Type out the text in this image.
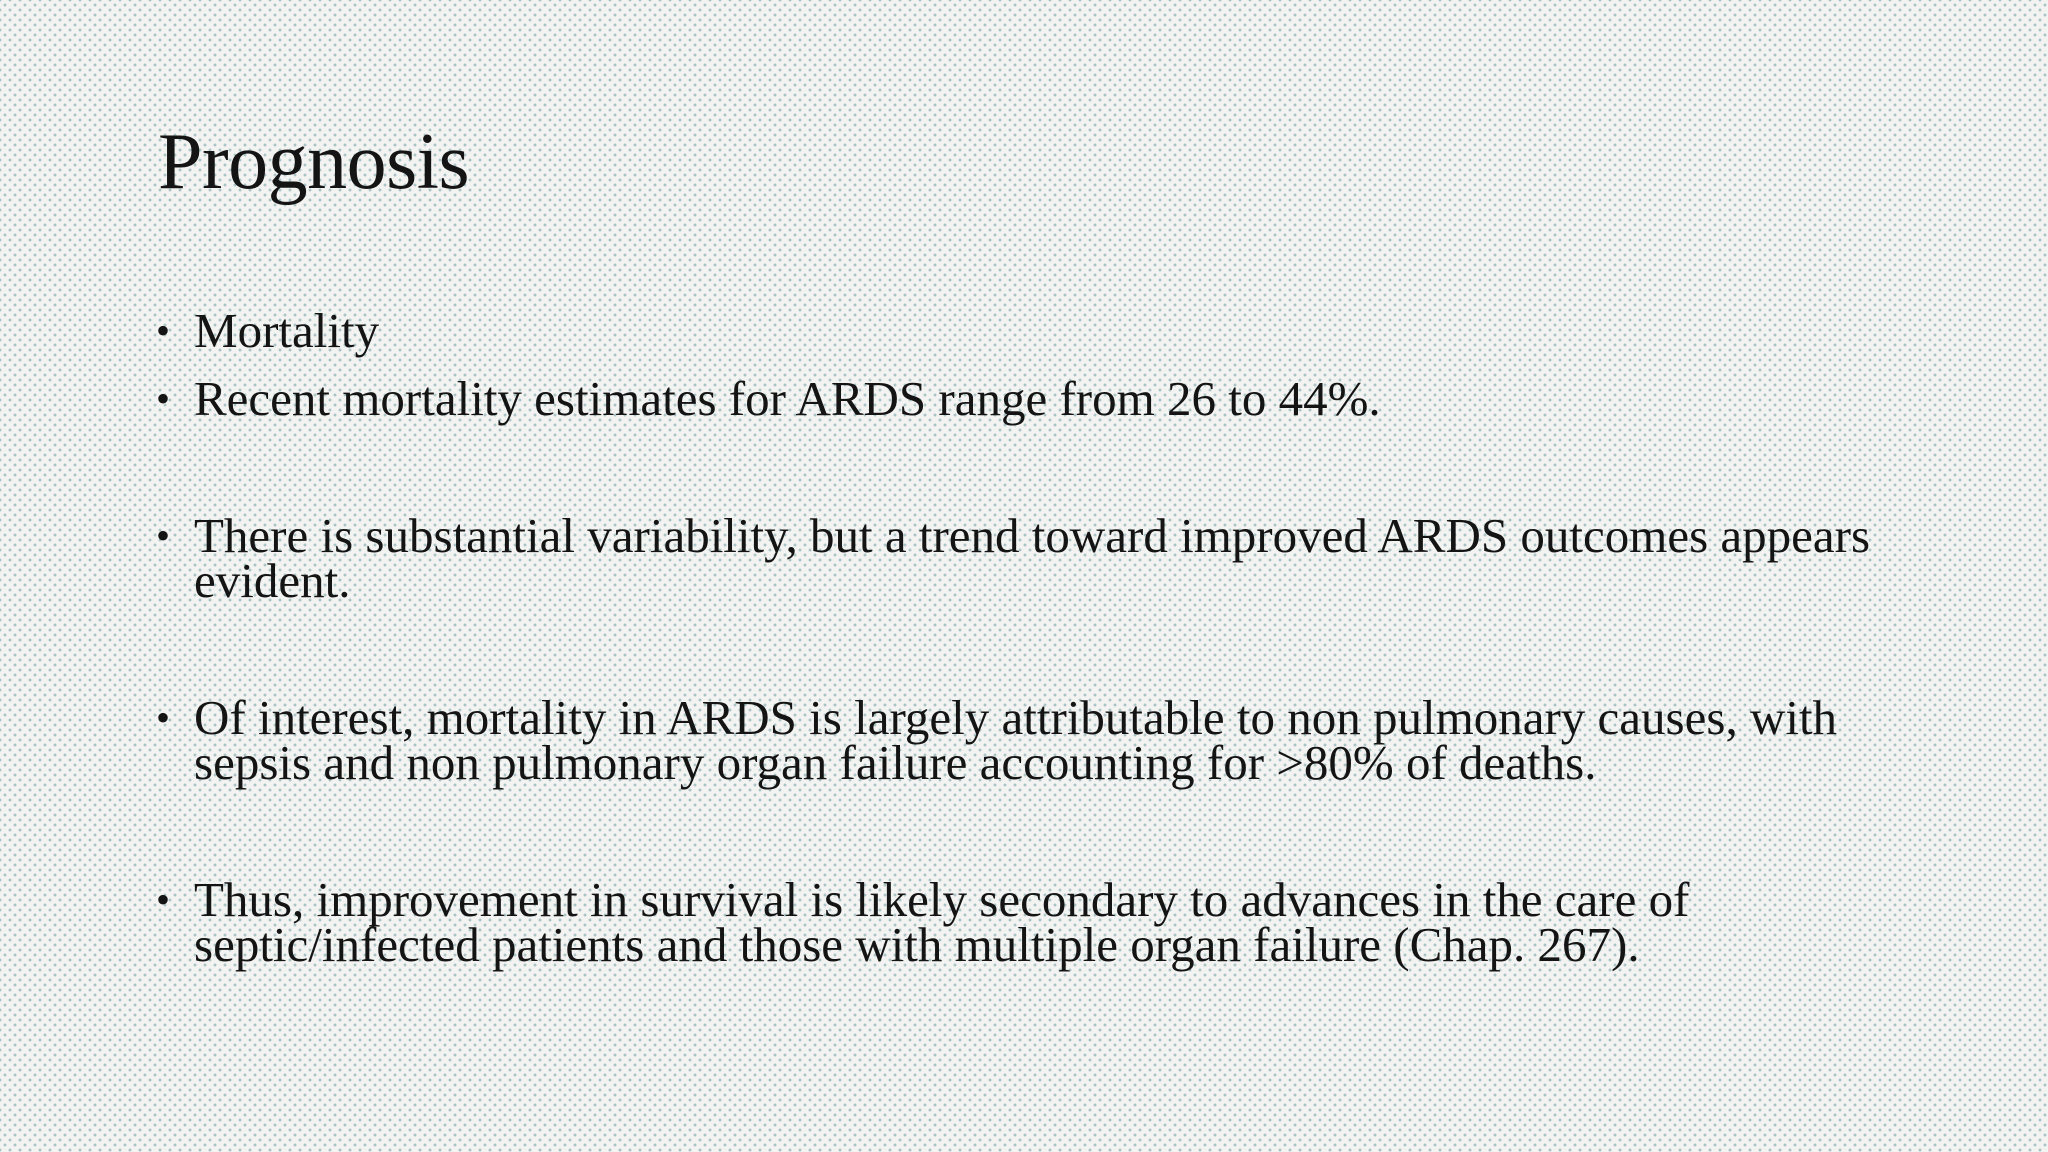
Prognosis
• Mortality
• Recent mortality estimates for ARDS range from 26 to 44%.
• There is substantial variability, but a trend toward improved ARDS outcomes appears evident.
• Of interest, mortality in ARDS is largely attributable to non pulmonary causes, with sepsis and non pulmonary organ failure accounting for >80% of deaths.
• Thus, improvement in survival is likely secondary to advances in the care of septic/infected patients and those with multiple organ failure (Chap. 267).
